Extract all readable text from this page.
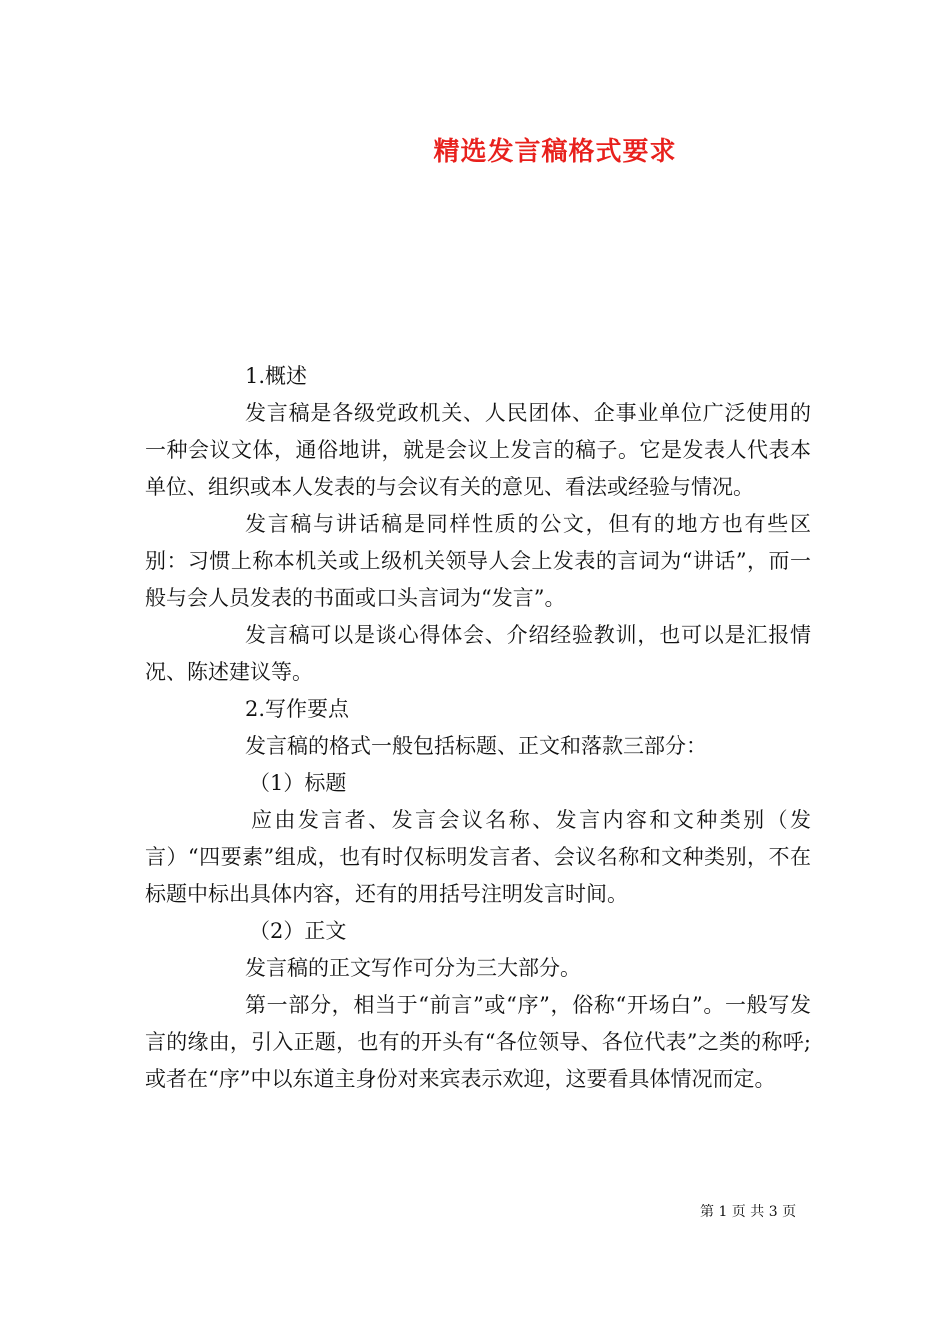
精选发言稿格式要求

1.概述

发言稿是各级党政机关、人民团体、企事业单位广泛使用的一种会议文体，通俗地讲，就是会议上发言的稿子。它是发表人代表本单位、组织或本人发表的与会议有关的意见、看法或经验与情况。

发言稿与讲话稿是同样性质的公文，但有的地方也有些区别：习惯上称本机关或上级机关领导人会上发表的言词为“讲话”，而一般与会人员发表的书面或口头言词为“发言”。

发言稿可以是谈心得体会、介绍经验教训，也可以是汇报情况、陈述建议等。

2.写作要点

发言稿的格式一般包括标题、正文和落款三部分：

（1）标题

应由发言者、发言会议名称、发言内容和文种类别（发言）“四要素”组成，也有时仅标明发言者、会议名称和文种类别，不在标题中标出具体内容，还有的用括号注明发言时间。

（2）正文

发言稿的正文写作可分为三大部分。

第一部分，相当于“前言”或“序”，俗称“开场白”。一般写发言的缘由，引入正题，也有的开头有“各位领导、各位代表”之类的称呼;或者在“序”中以东道主身份对来宾表示欢迎，这要看具体情况而定。

第 1 页 共 3 页
